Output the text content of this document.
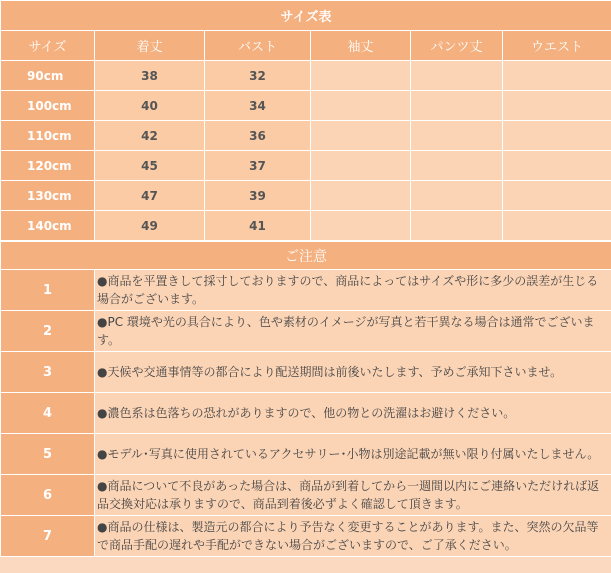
サイズ表					
サイズ	着丈	バスト	袖丈	パンツ丈	ウエスト
90cm	38	32			
100cm	40	34			
110cm	42	36			
120cm	45	37			
130cm	47	39			
140cm	49	41			
ご注意	
1	●商品を平置きして採寸しておりますので、商品によってはサイズや形に多少の誤差が生じる場合がございます。
2	●PC 環境や光の具合により、色や素材のイメージが写真と若干異なる場合は通常でございます。
3	●天候や交通事情等の都合により配送期間は前後いたします、予めご承知下さいませ。
4	●濃色系は色落ちの恐れがありますので、他の物との洗濯はお避けください。
5	●モデル･写真に使用されているアクセサリー･小物は別途記載が無い限り付属いたしません。
6	●商品について不良があった場合は、商品が到着してから一週間以内にご連絡いただければ返品交換対応は承りますので、商品到着後必ずよく確認して頂きます。
7	●商品の仕様は、製造元の都合により予告なく変更することがあります。また、突然の欠品等で商品手配の遅れや手配ができない場合がございますので、ご了承ください。
